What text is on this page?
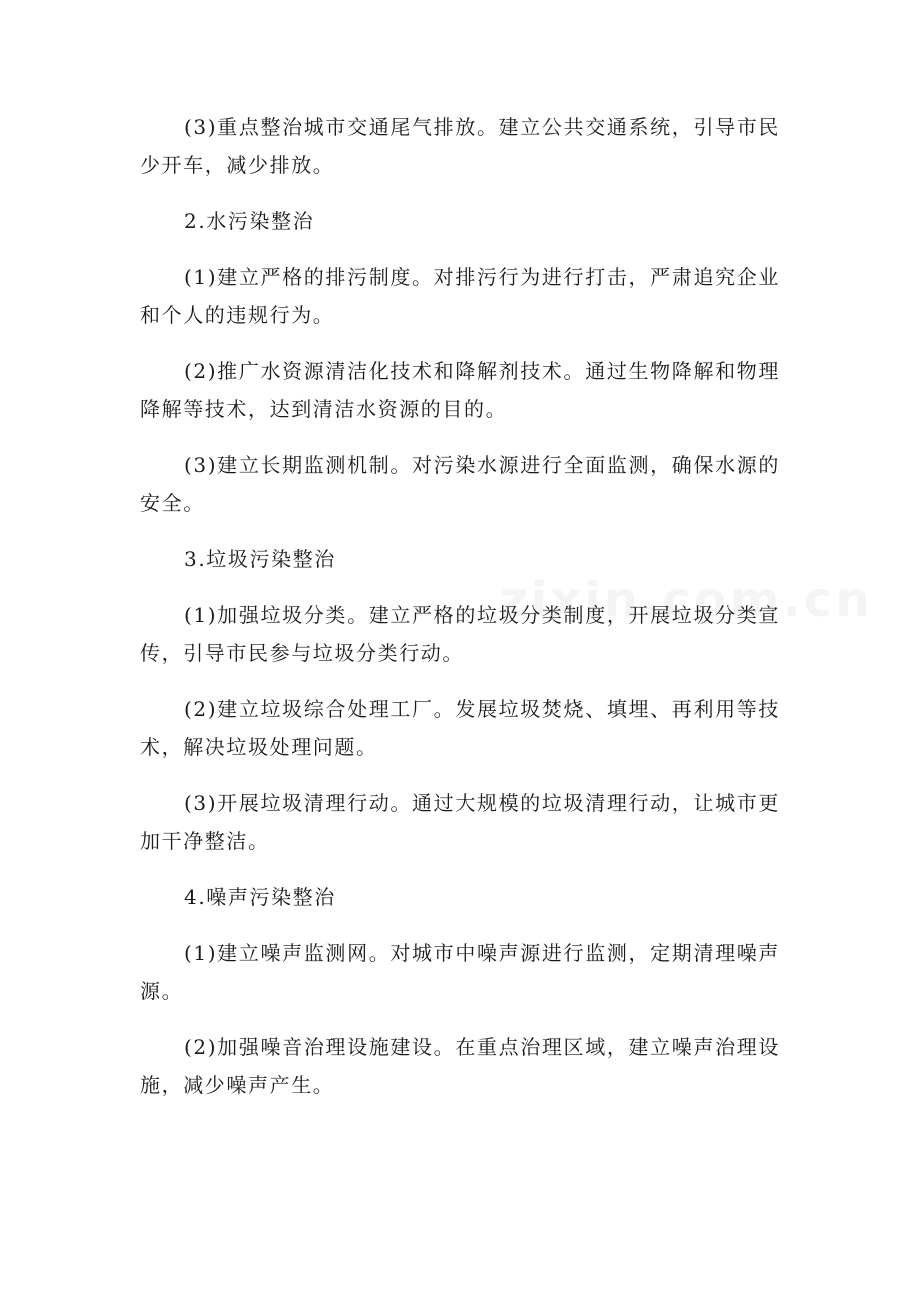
(3)重点整治城市交通尾气排放。建立公共交通系统，引导市民少开车，减少排放。

2.水污染整治

(1)建立严格的排污制度。对排污行为进行打击，严肃追究企业和个人的违规行为。

(2)推广水资源清洁化技术和降解剂技术。通过生物降解和物理降解等技术，达到清洁水资源的目的。

(3)建立长期监测机制。对污染水源进行全面监测，确保水源的安全。

3.垃圾污染整治

(1)加强垃圾分类。建立严格的垃圾分类制度，开展垃圾分类宣传，引导市民参与垃圾分类行动。

(2)建立垃圾综合处理工厂。发展垃圾焚烧、填埋、再利用等技术，解决垃圾处理问题。

(3)开展垃圾清理行动。通过大规模的垃圾清理行动，让城市更加干净整洁。

4.噪声污染整治

(1)建立噪声监测网。对城市中噪声源进行监测，定期清理噪声源。

(2)加强噪音治理设施建设。在重点治理区域，建立噪声治理设施，减少噪声产生。
